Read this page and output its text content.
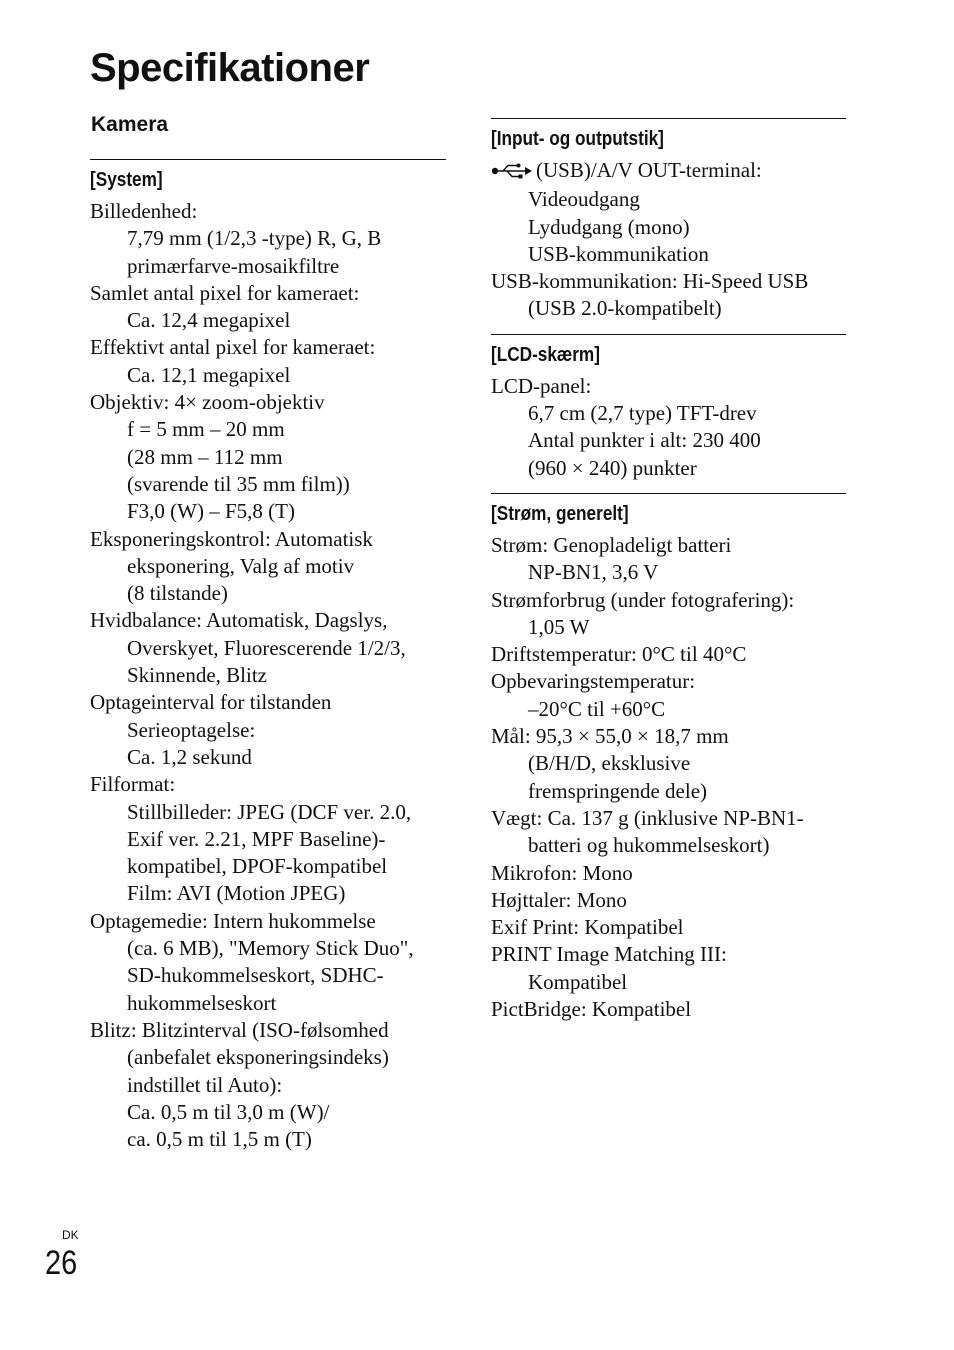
Specifikationer
Kamera
[System]
Billedenhed:
7,79 mm (1/2,3 -type) R, G, B
primærfarve-mosaikfiltre
Samlet antal pixel for kameraet:
Ca. 12,4 megapixel
Effektivt antal pixel for kameraet:
Ca. 12,1 megapixel
Objektiv: 4× zoom-objektiv
f = 5 mm – 20 mm
(28 mm – 112 mm
(svarende til 35 mm film))
F3,0 (W) – F5,8 (T)
Eksponeringskontrol: Automatisk
eksponering, Valg af motiv
(8 tilstande)
Hvidbalance: Automatisk, Dagslys,
Overskyet, Fluorescerende 1/2/3,
Skinnende, Blitz
Optageinterval for tilstanden
Serieoptagelse:
Ca. 1,2 sekund
Filformat:
Stillbilleder: JPEG (DCF ver. 2.0,
Exif ver. 2.21, MPF Baseline)-
kompatibel, DPOF-kompatibel
Film: AVI (Motion JPEG)
Optagemedie: Intern hukommelse
(ca. 6 MB), "Memory Stick Duo",
SD-hukommelseskort, SDHC-
hukommelseskort
Blitz: Blitzinterval (ISO-følsomhed
(anbefalet eksponeringsindeks)
indstillet til Auto):
Ca. 0,5 m til 3,0 m (W)/
ca. 0,5 m til 1,5 m (T)
[Input- og outputstik]
(USB)/A/V OUT-terminal:
Videoudgang
Lydudgang (mono)
USB-kommunikation
USB-kommunikation: Hi-Speed USB
(USB 2.0-kompatibelt)
[LCD-skærm]
LCD-panel:
6,7 cm (2,7 type) TFT-drev
Antal punkter i alt: 230 400
(960 × 240) punkter
[Strøm, generelt]
Strøm: Genopladeligt batteri
NP-BN1, 3,6 V
Strømforbrug (under fotografering):
1,05 W
Driftstemperatur: 0°C til 40°C
Opbevaringstemperatur:
–20°C til +60°C
Mål: 95,3 × 55,0 × 18,7 mm
(B/H/D, eksklusive
fremspringende dele)
Vægt: Ca. 137 g (inklusive NP-BN1-
batteri og hukommelseskort)
Mikrofon: Mono
Højttaler: Mono
Exif Print: Kompatibel
PRINT Image Matching III:
Kompatibel
PictBridge: Kompatibel
DK
26
